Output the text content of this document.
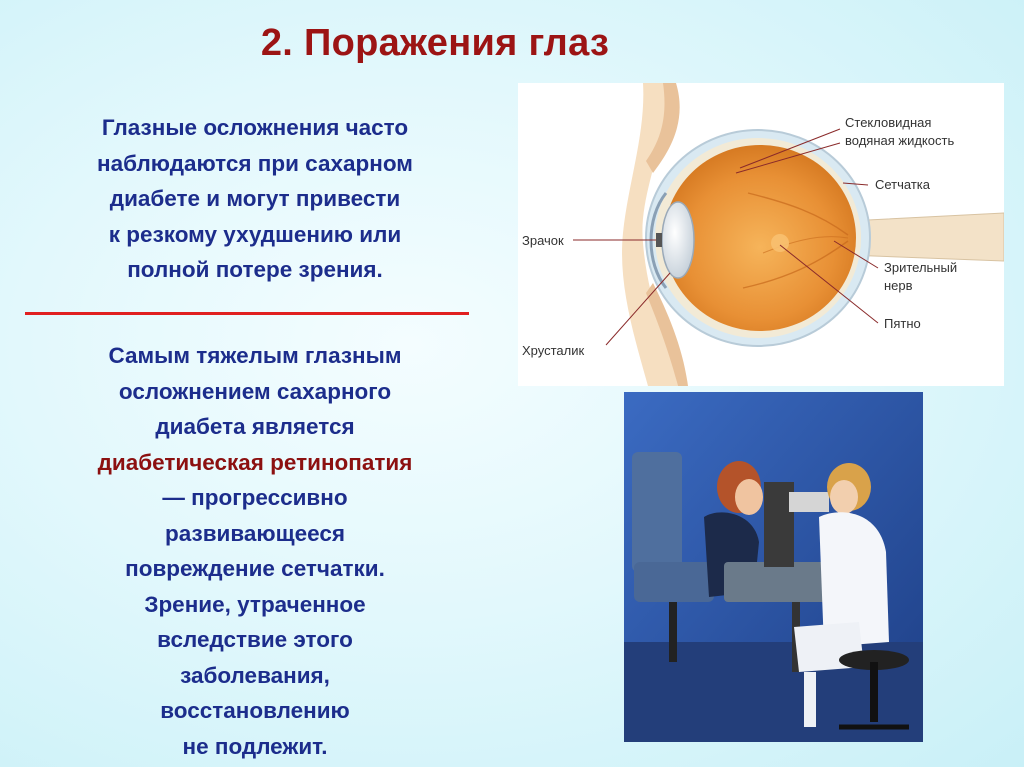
2. Поражения глаз
Глазные осложнения часто
наблюдаются при сахарном
диабете и могут привести
к резкому ухудшению или
полной потере зрения.
Самым тяжелым глазным
осложнением сахарного
диабета является
диабетическая ретинопатия
— прогрессивно
развивающееся
повреждение сетчатки.
Зрение, утраченное
вследствие этого
заболевания,
восстановлению
не подлежит.
Стекловидная
водяная жидкость
Сетчатка
Зрачок
Зрительный
нерв
Пятно
Хрусталик
